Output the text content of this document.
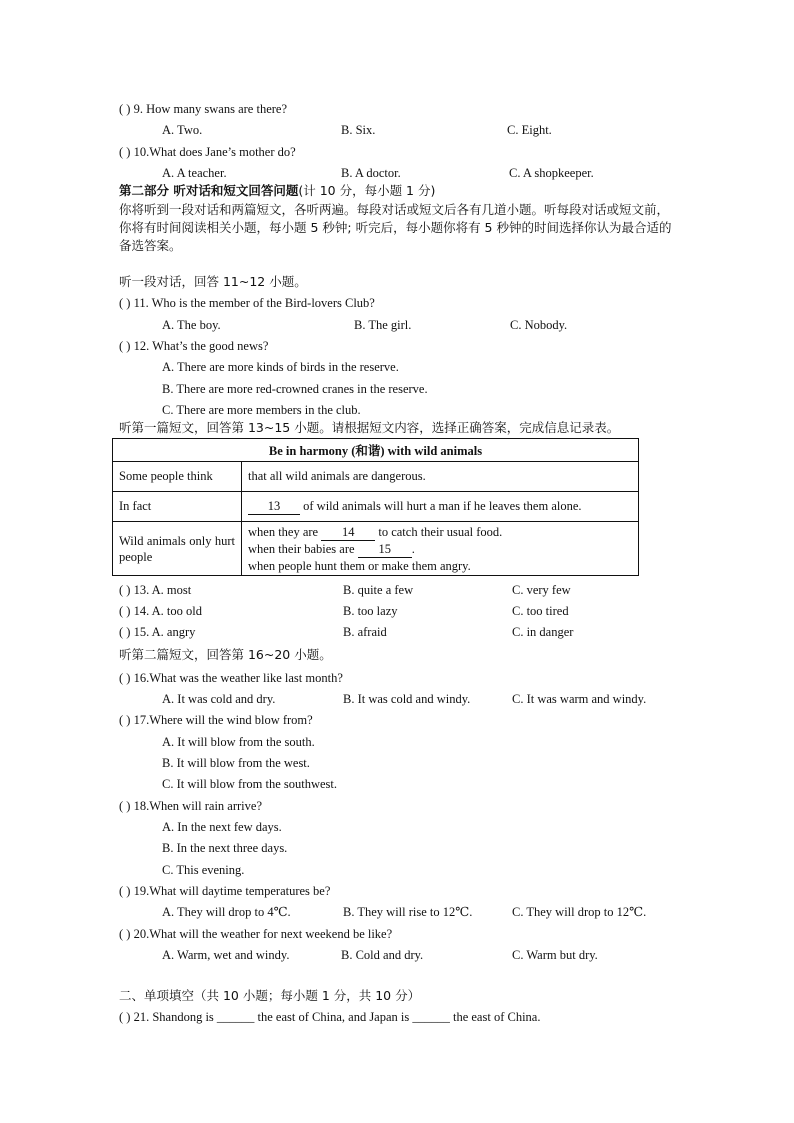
( ) 9. How many swans are there?
A. Two.	B. Six.	C. Eight.
( ) 10.What does Jane’s mother do?
A. A teacher.	B. A doctor.	C. A shopkeeper.
第二部分 听对话和短文回答问题(计 10 分，每小题 1 分)
你将听到一段对话和两篇短文，各听两遍。每段对话或短文后各有几道小题。听每段对话或短文前，你将有时间阅读相关小题，每小题 5 秒钟; 听完后，每小题你将有 5 秒钟的时间选择你认为最合适的备选答案。
听一段对话，回答 11~12 小题。
( ) 11. Who is the member of the Bird-lovers Club?
A. The boy.	B. The girl.	C. Nobody.
( ) 12. What’s the good news?
A. There are more kinds of birds in the reserve.
B. There are more red-crowned cranes in the reserve.
C. There are more members in the club.
听第一篇短文，回答第 13~15 小题。请根据短文内容，选择正确答案，完成信息记录表。
Be in harmony (和谐) with wild animals	
Some people think	that all wild animals are dangerous.
In fact	13 of wild animals will hurt a man if he leaves them alone.
Wild animals only hurt people	when they are 14 to catch their usual food.
when their babies are 15 .
when people hunt them or make them angry.
( ) 13. A. most	B. quite a few	C. very few
( ) 14. A. too old	B. too lazy	C. too tired
( ) 15. A. angry	B. afraid	C. in danger
听第二篇短文，回答第 16~20 小题。
( ) 16.What was the weather like last month?
A. It was cold and dry.	B. It was cold and windy.	C. It was warm and windy.
( ) 17.Where will the wind blow from?
A. It will blow from the south.
B. It will blow from the west.
C. It will blow from the southwest.
( ) 18.When will rain arrive?
A. In the next few days.
B. In the next three days.
C. This evening.
( ) 19.What will daytime temperatures be?
A. They will drop to 4℃.	B. They will rise to 12℃.	C. They will drop to 12℃.
( ) 20.What will the weather for next weekend be like?
A. Warm, wet and windy.	B. Cold and dry.	C. Warm but dry.
二、单项填空（共 10 小题；每小题 1 分，共 10 分）
( ) 21. Shandong is ______ the east of China, and Japan is ______ the east of China.
